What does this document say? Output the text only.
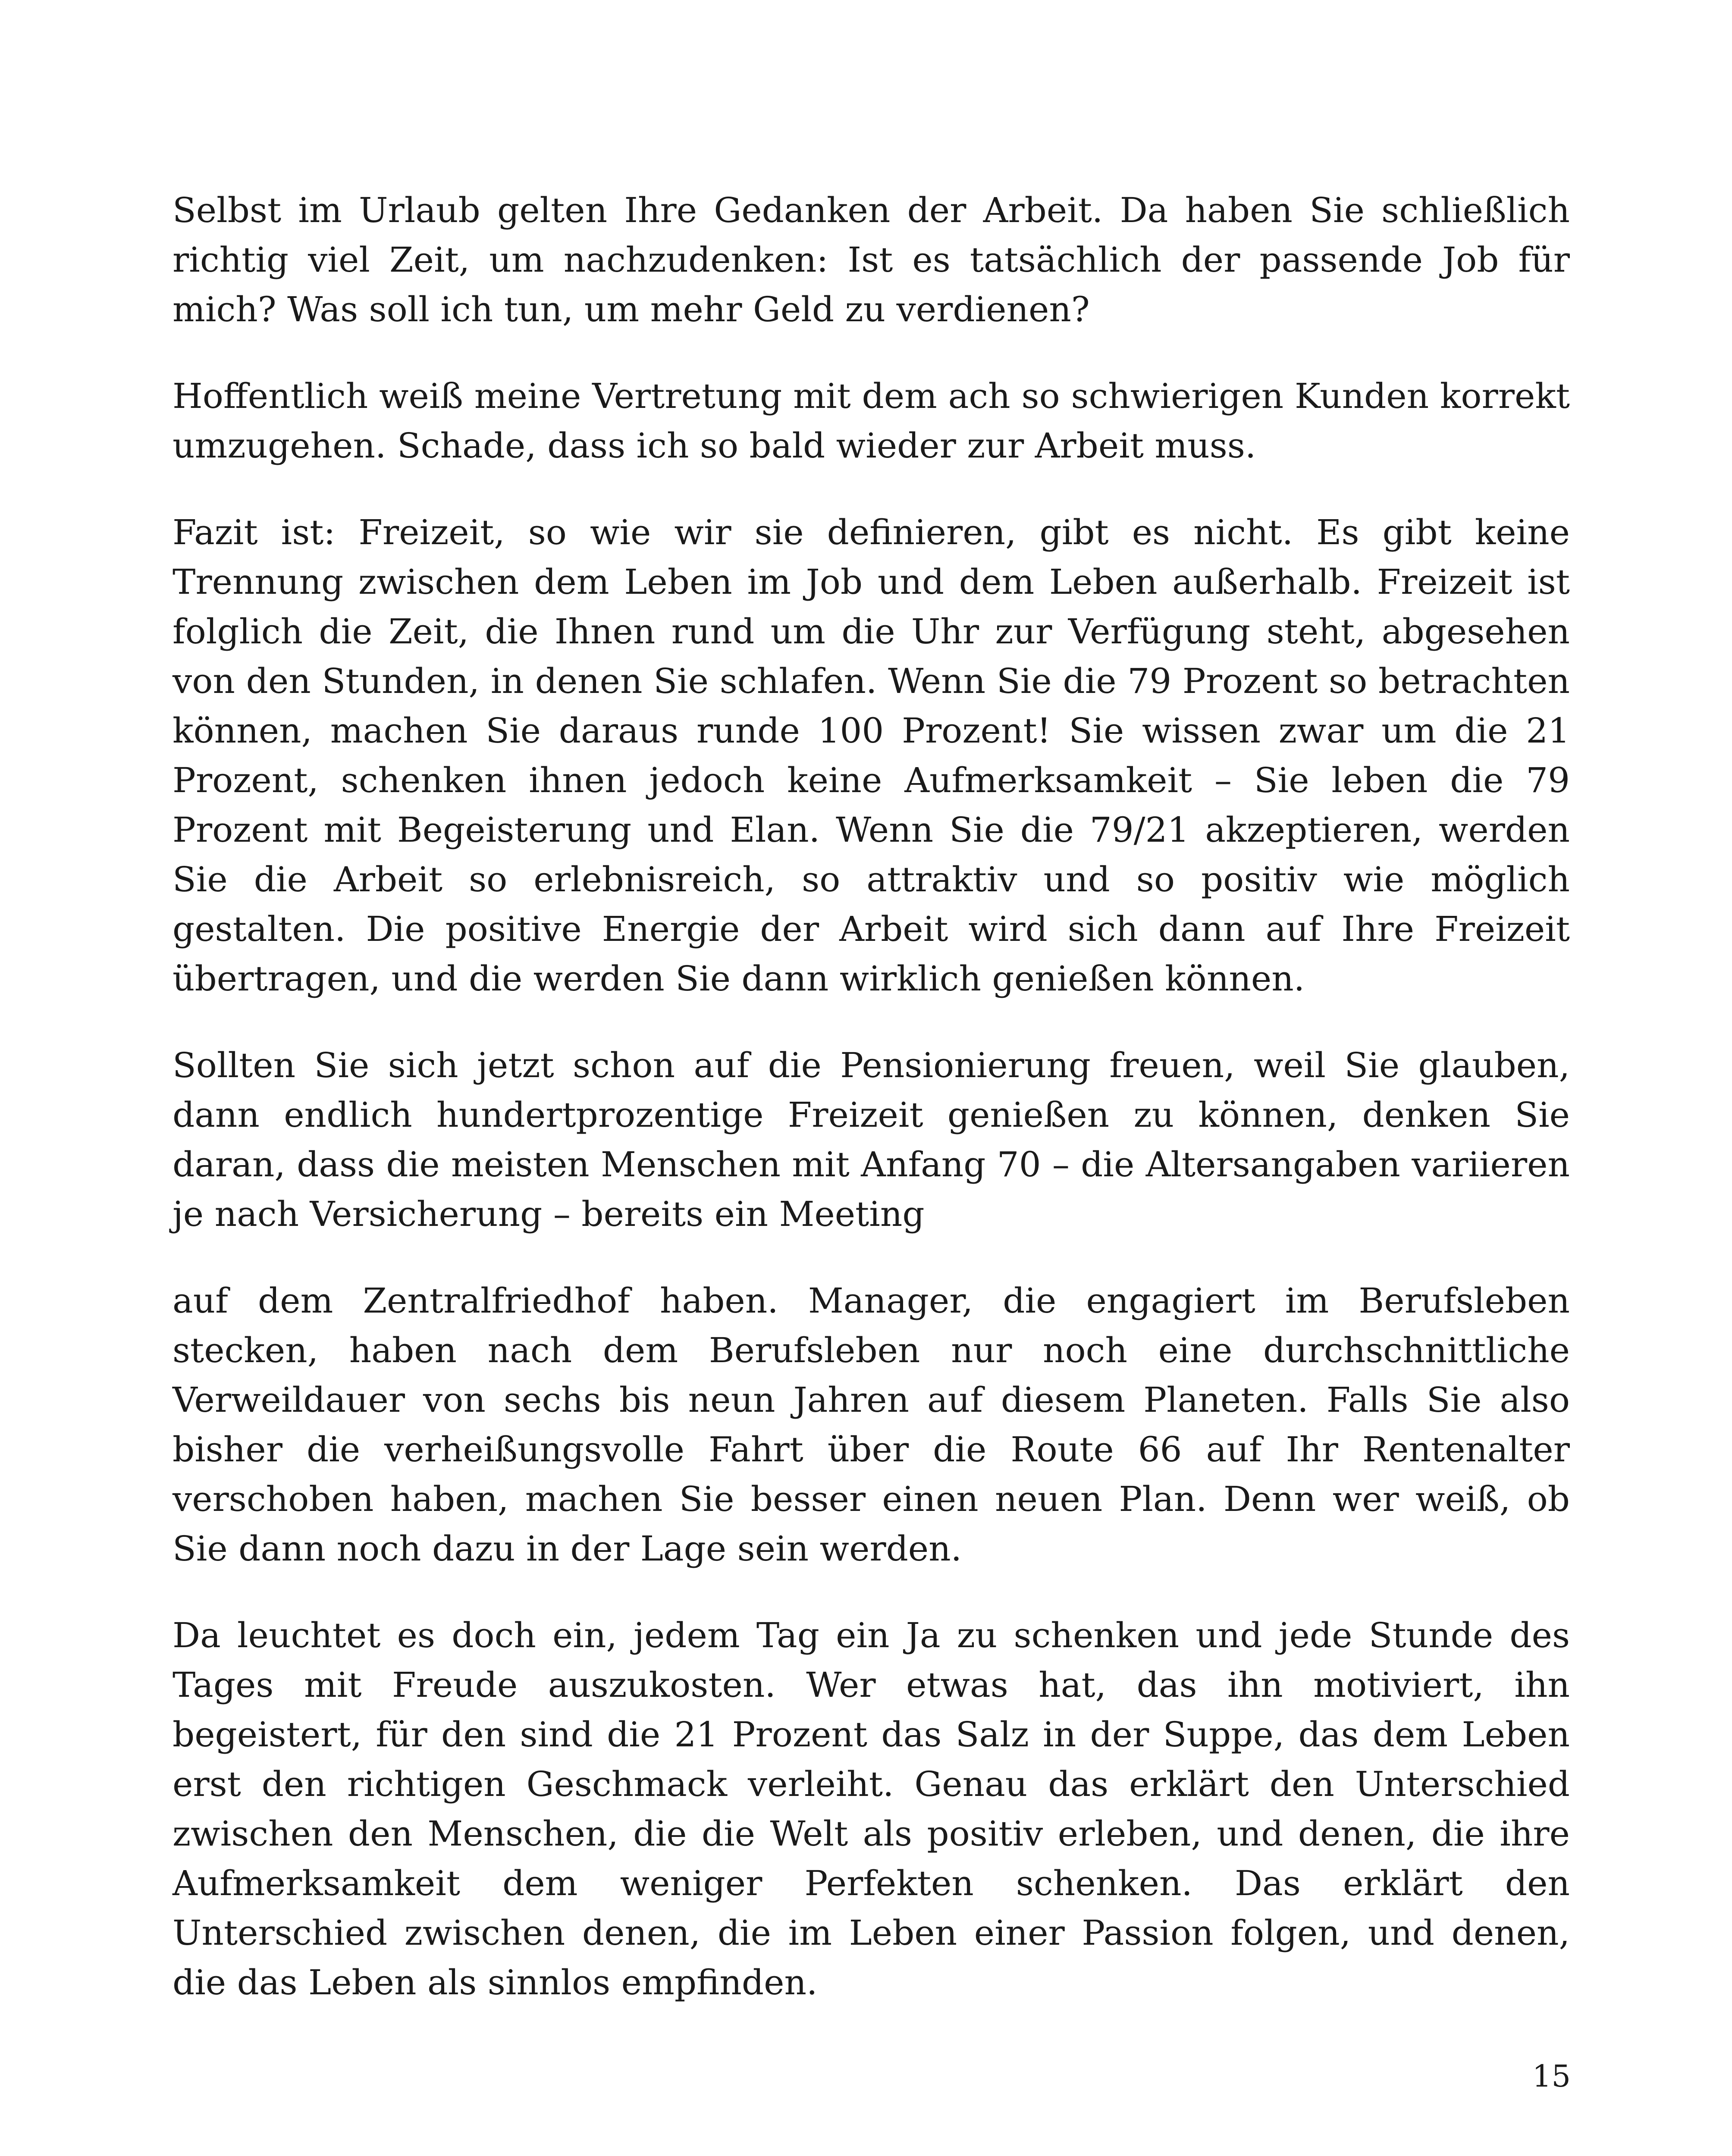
Selbst im Urlaub gelten Ihre Gedanken der Arbeit. Da haben Sie schließlich richtig viel Zeit, um nachzudenken: Ist es tatsächlich der passende Job für mich? Was soll ich tun, um mehr Geld zu verdienen?

Hoffentlich weiß meine Vertretung mit dem ach so schwierigen Kunden korrekt umzugehen. Schade, dass ich so bald wieder zur Arbeit muss.

Fazit ist: Freizeit, so wie wir sie definieren, gibt es nicht. Es gibt keine Trennung zwischen dem Leben im Job und dem Leben außerhalb. Freizeit ist folglich die Zeit, die Ihnen rund um die Uhr zur Verfügung steht, abgesehen von den Stunden, in denen Sie schlafen. Wenn Sie die 79 Prozent so betrachten können, machen Sie daraus runde 100 Prozent! Sie wissen zwar um die 21 Prozent, schenken ihnen jedoch keine Aufmerksamkeit – Sie leben die 79 Prozent mit Begeisterung und Elan. Wenn Sie die 79/21 akzeptieren, werden Sie die Arbeit so erlebnisreich, so attraktiv und so positiv wie möglich gestalten. Die positive Energie der Arbeit wird sich dann auf Ihre Freizeit übertragen, und die werden Sie dann wirklich genießen können.

Sollten Sie sich jetzt schon auf die Pensionierung freuen, weil Sie glauben, dann endlich hundertprozentige Freizeit genießen zu können, denken Sie daran, dass die meisten Menschen mit Anfang 70 – die Altersangaben variieren je nach Versicherung – bereits ein Meeting

auf dem Zentralfriedhof haben. Manager, die engagiert im Berufsleben stecken, haben nach dem Berufsleben nur noch eine durchschnittliche Verweildauer von sechs bis neun Jahren auf diesem Planeten. Falls Sie also bisher die verheißungsvolle Fahrt über die Route 66 auf Ihr Rentenalter verschoben haben, machen Sie besser einen neuen Plan. Denn wer weiß, ob Sie dann noch dazu in der Lage sein werden.

Da leuchtet es doch ein, jedem Tag ein Ja zu schenken und jede Stunde des Tages mit Freude auszukosten. Wer etwas hat, das ihn motiviert, ihn begeistert, für den sind die 21 Prozent das Salz in der Suppe, das dem Leben erst den richtigen Geschmack verleiht. Genau das erklärt den Unterschied zwischen den Menschen, die die Welt als positiv erleben, und denen, die ihre Aufmerksamkeit dem weniger Perfekten schenken. Das erklärt den Unterschied zwischen denen, die im Leben einer Passion folgen, und denen, die das Leben als sinnlos empfinden.

15
